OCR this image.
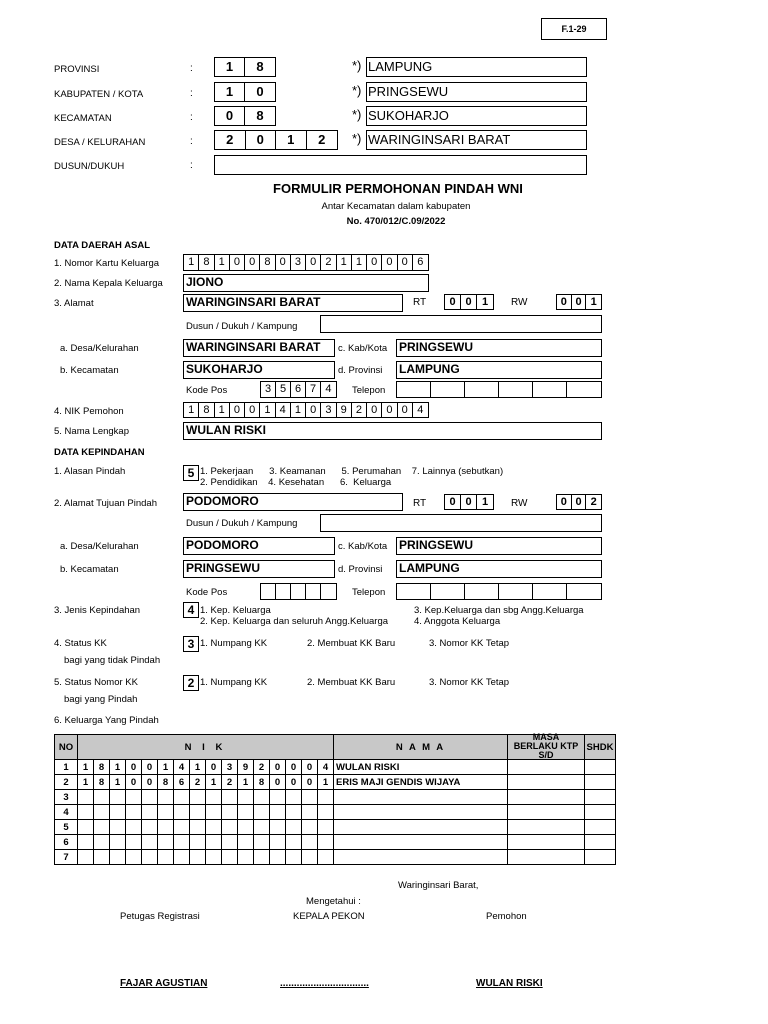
F.1-29
PROVINSI	:	1	8	*) LAMPUNG
KABUPATEN / KOTA	:	1	0	*) PRINGSEWU
KECAMATAN	:	0	8	*) SUKOHARJO
DESA / KELURAHAN	:	2	0	1	2	*) WARINGINSARI BARAT
DUSUN/DUKUH	:
FORMULIR PERMOHONAN PINDAH WNI
Antar Kecamatan dalam kabupaten
No. 470/012/C.09/2022
DATA DAERAH ASAL
1. Nomor Kartu Keluarga	1 8 1 0 0 8 0 3 0 2 1 1 0 0 0 6
2. Nama Kepala Keluarga JIONO
3. Alamat	WARINGINSARI BARAT	RT	0 0 1	RW	0 0 1
Dusun / Dukuh / Kampung
a. Desa/Kelurahan	WARINGINSARI BARAT	c. Kab/Kota PRINGSEWU
b. Kecamatan	SUKOHARJO	d. Provinsi LAMPUNG
Kode Pos	3 5 6 7 4	Telepon
4. NIK Pemohon	1 8 1 0 0 1 4 1 0 3 9 2 0 0 0 4
5. Nama Lengkap	WULAN RISKI
DATA KEPINDAHAN
1. Alasan Pindah	5 1. Pekerjaan      3. Keamanan      5. Perumahan    7. Lainnya (sebutkan)
2. Pendidikan    4. Kesehatan      6.  Keluarga
2. Alamat Tujuan Pindah PODOMORO	RT	0 0 1	RW	0 0 2
Dusun / Dukuh / Kampung
a. Desa/Kelurahan	PODOMORO	c. Kab/Kota PRINGSEWU
b. Kecamatan	PRINGSEWU	d. Provinsi LAMPUNG
Kode Pos	Telepon
3. Jenis Kepindahan	4 1. Kep. Keluarga	3. Kep.Keluarga dan sbg Angg.Keluarga
2. Kep. Keluarga dan seluruh Angg.Keluarga	4. Anggota Keluarga
4. Status KK
bagi yang tidak Pindah
3 1. Numpang KK	2. Membuat KK Baru	3. Nomor KK Tetap
5. Status Nomor KK
bagi yang Pindah
2 1. Numpang KK	2. Membuat KK Baru	3. Nomor KK Tetap
6. Keluarga Yang Pindah
NO	N I K																N A M A	MASA
BERLAKU KTP
S/D	SHDK
1	1	8	1	0	0	1	4	1	0	3	9	2	0	0	0	4	WULAN RISKI		
2	1	8	1	0	0	8	6	2	1	2	1	8	0	0	0	1	ERIS MAJI GENDIS WIJAYA		
3																			
4																			
5																			
6																			
7																			
Waringinsari Barat,
Mengetahui :
Petugas Registrasi	KEPALA PEKON	Pemohon
FAJAR AGUSTIAN	................................	WULAN RISKI
